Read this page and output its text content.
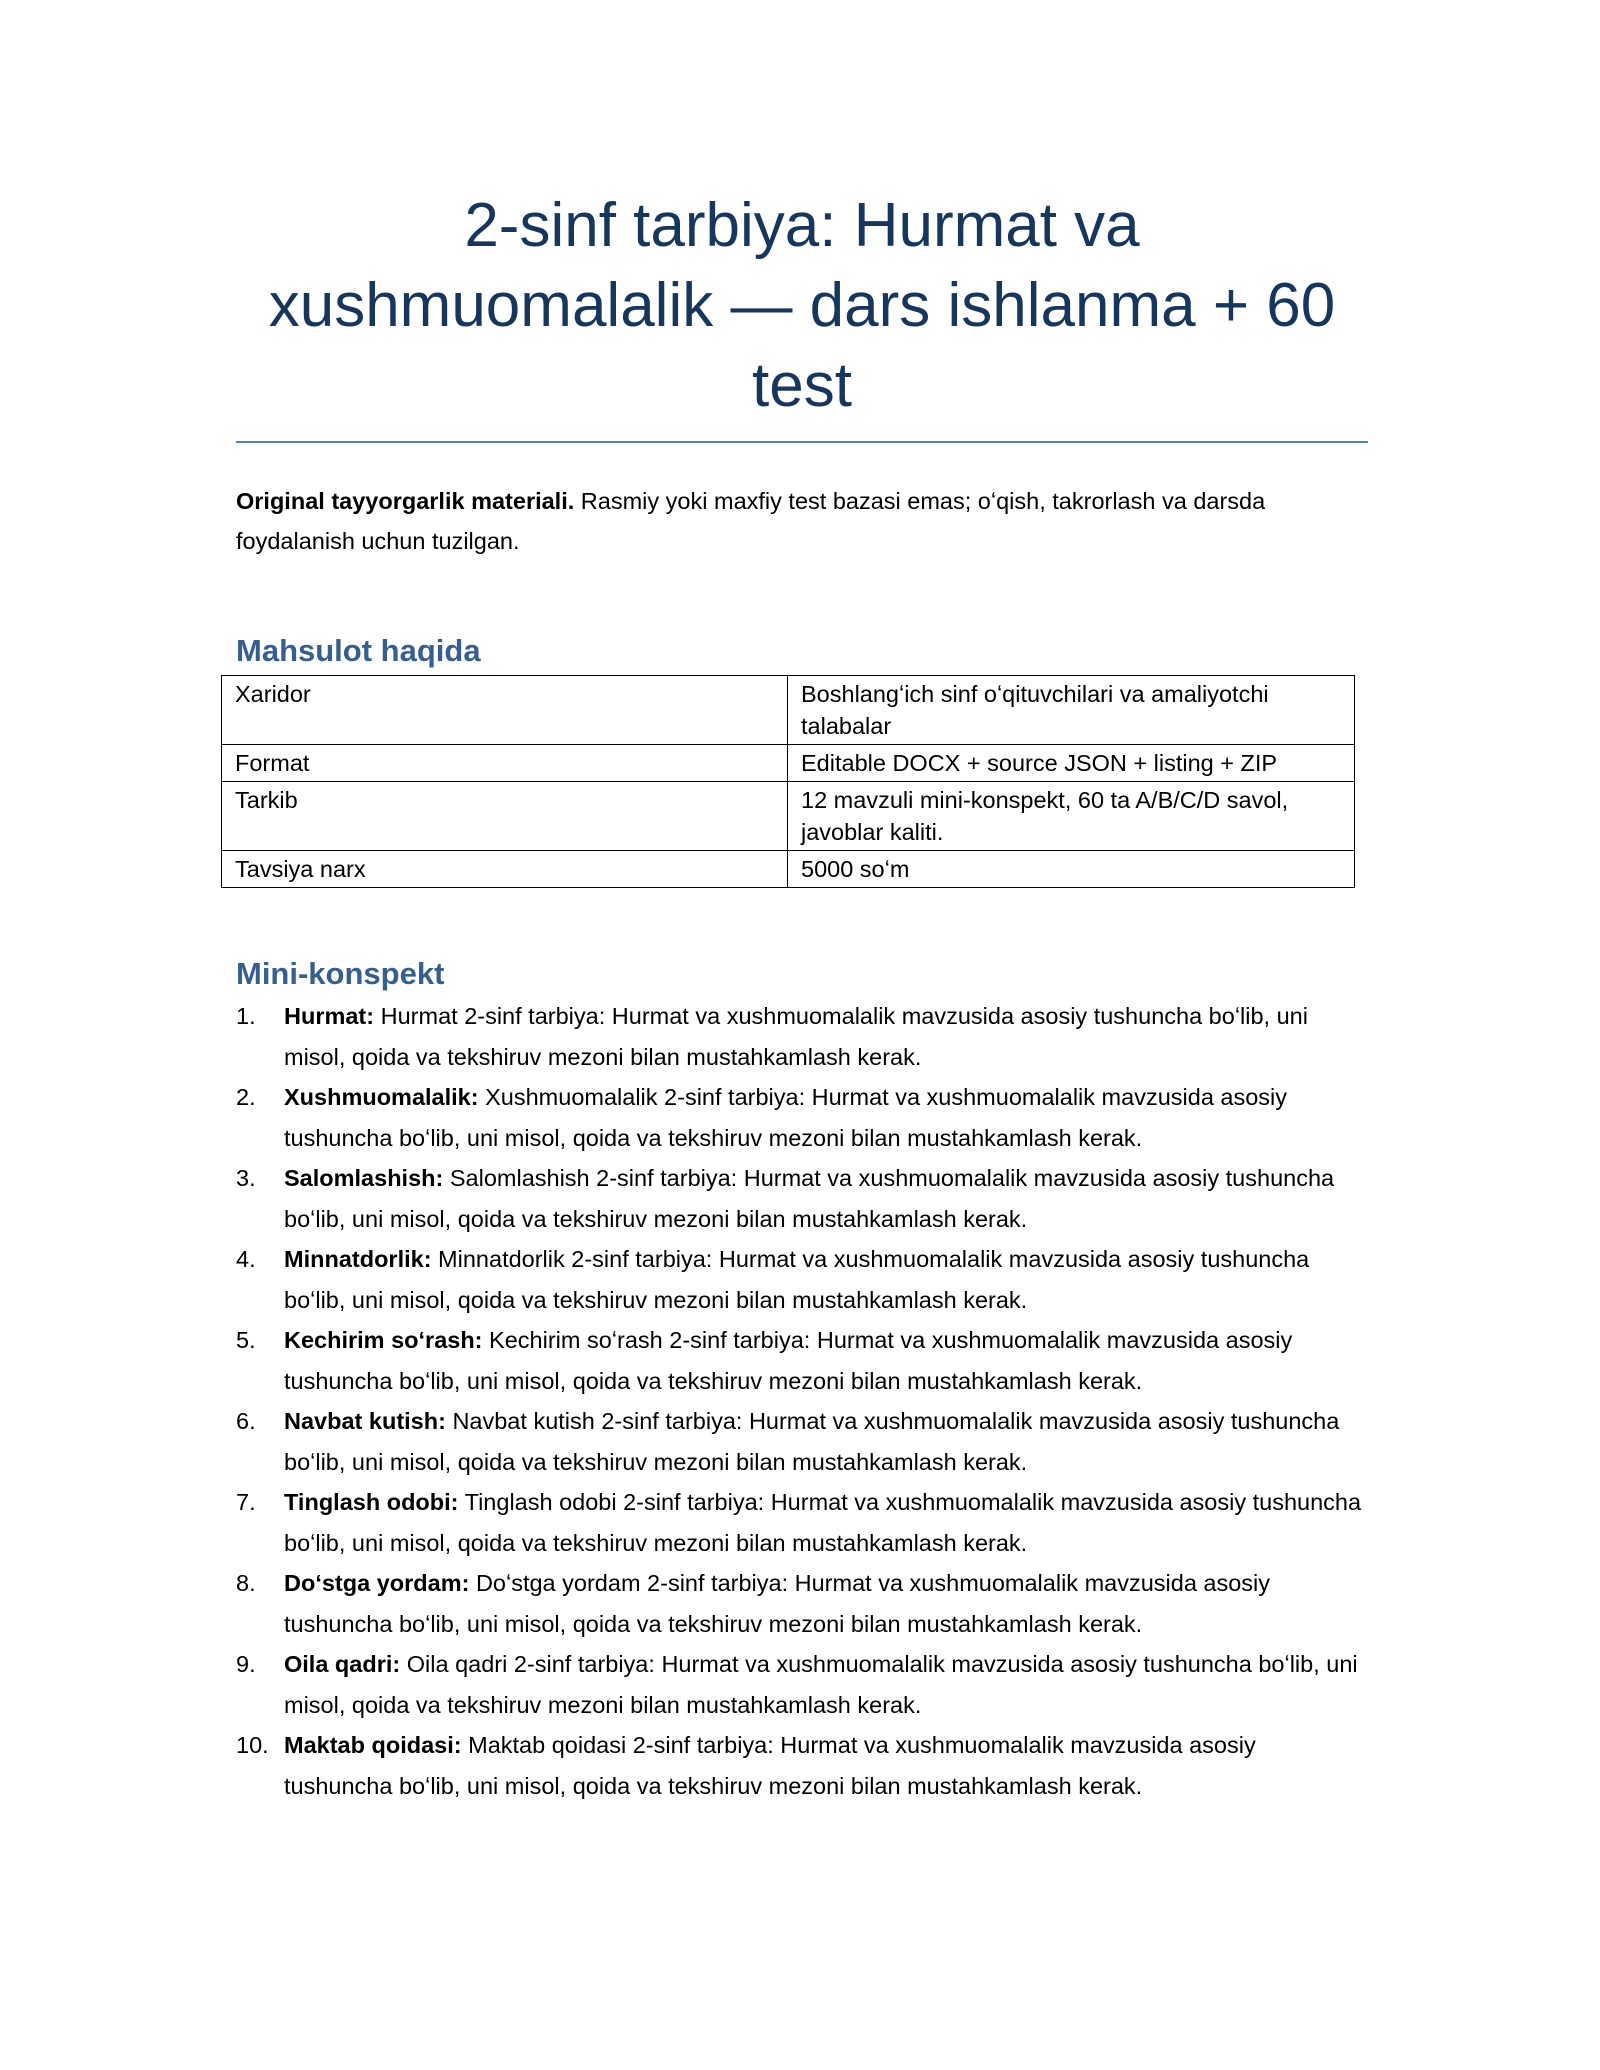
2-sinf tarbiya: Hurmat va
xushmuomalalik — dars ishlanma + 60
test

Original tayyorgarlik materiali. Rasmiy yoki maxfiy test bazasi emas; oʻqish, takrorlash va darsda foydalanish uchun tuzilgan.

Mahsulot haqida
Xaridor	Boshlangʻich sinf oʻqituvchilari va amaliyotchi talabalar
Format	Editable DOCX + source JSON + listing + ZIP
Tarkib	12 mavzuli mini-konspekt, 60 ta A/B/C/D savol, javoblar kaliti.
Tavsiya narx	5000 soʻm
Mini-konspekt
1. Hurmat: Hurmat 2-sinf tarbiya: Hurmat va xushmuomalalik mavzusida asosiy tushuncha boʻlib, uni misol, qoida va tekshiruv mezoni bilan mustahkamlash kerak.
2. Xushmuomalalik: Xushmuomalalik 2-sinf tarbiya: Hurmat va xushmuomalalik mavzusida asosiy tushuncha boʻlib, uni misol, qoida va tekshiruv mezoni bilan mustahkamlash kerak.
3. Salomlashish: Salomlashish 2-sinf tarbiya: Hurmat va xushmuomalalik mavzusida asosiy tushuncha boʻlib, uni misol, qoida va tekshiruv mezoni bilan mustahkamlash kerak.
4. Minnatdorlik: Minnatdorlik 2-sinf tarbiya: Hurmat va xushmuomalalik mavzusida asosiy tushuncha boʻlib, uni misol, qoida va tekshiruv mezoni bilan mustahkamlash kerak.
5. Kechirim soʻrash: Kechirim soʻrash 2-sinf tarbiya: Hurmat va xushmuomalalik mavzusida asosiy tushuncha boʻlib, uni misol, qoida va tekshiruv mezoni bilan mustahkamlash kerak.
6. Navbat kutish: Navbat kutish 2-sinf tarbiya: Hurmat va xushmuomalalik mavzusida asosiy tushuncha boʻlib, uni misol, qoida va tekshiruv mezoni bilan mustahkamlash kerak.
7. Tinglash odobi: Tinglash odobi 2-sinf tarbiya: Hurmat va xushmuomalalik mavzusida asosiy tushuncha boʻlib, uni misol, qoida va tekshiruv mezoni bilan mustahkamlash kerak.
8. Doʻstga yordam: Doʻstga yordam 2-sinf tarbiya: Hurmat va xushmuomalalik mavzusida asosiy tushuncha boʻlib, uni misol, qoida va tekshiruv mezoni bilan mustahkamlash kerak.
9. Oila qadri: Oila qadri 2-sinf tarbiya: Hurmat va xushmuomalalik mavzusida asosiy tushuncha boʻlib, uni misol, qoida va tekshiruv mezoni bilan mustahkamlash kerak.
10. Maktab qoidasi: Maktab qoidasi 2-sinf tarbiya: Hurmat va xushmuomalalik mavzusida asosiy tushuncha boʻlib, uni misol, qoida va tekshiruv mezoni bilan mustahkamlash kerak.
